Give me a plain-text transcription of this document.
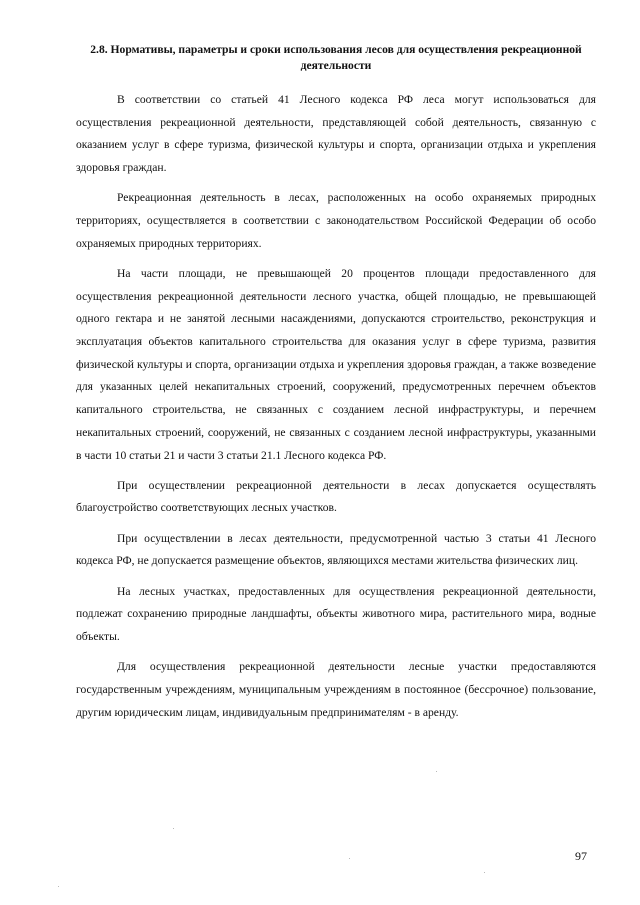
2.8. Нормативы, параметры и сроки использования лесов для осуществления рекреационной деятельности

В соответствии со статьей 41 Лесного кодекса РФ леса могут использоваться для осуществления рекреационной деятельности, представляющей собой деятельность, связанную с оказанием услуг в сфере туризма, физической культуры и спорта, организации отдыха и укрепления здоровья граждан.

Рекреационная деятельность в лесах, расположенных на особо охраняемых природных территориях, осуществляется в соответствии с законодательством Российской Федерации об особо охраняемых природных территориях.

На части площади, не превышающей 20 процентов площади предоставленного для осуществления рекреационной деятельности лесного участка, общей площадью, не превышающей одного гектара и не занятой лесными насаждениями, допускаются строительство, реконструкция и эксплуатация объектов капитального строительства для оказания услуг в сфере туризма, развития физической культуры и спорта, организации отдыха и укрепления здоровья граждан, а также возведение для указанных целей некапитальных строений, сооружений, предусмотренных перечнем объектов капитального строительства, не связанных с созданием лесной инфраструктуры, и перечнем некапитальных строений, сооружений, не связанных с созданием лесной инфраструктуры, указанными в части 10 статьи 21 и части 3 статьи 21.1 Лесного кодекса РФ.

При осуществлении рекреационной деятельности в лесах допускается осуществлять благоустройство соответствующих лесных участков.

При осуществлении в лесах деятельности, предусмотренной частью 3 статьи 41 Лесного кодекса РФ, не допускается размещение объектов, являющихся местами жительства физических лиц.

На лесных участках, предоставленных для осуществления рекреационной деятельности, подлежат сохранению природные ландшафты, объекты животного мира, растительного мира, водные объекты.

Для осуществления рекреационной деятельности лесные участки предоставляются государственным учреждениям, муниципальным учреждениям в постоянное (бессрочное) пользование, другим юридическим лицам, индивидуальным предпринимателям - в аренду.

97
